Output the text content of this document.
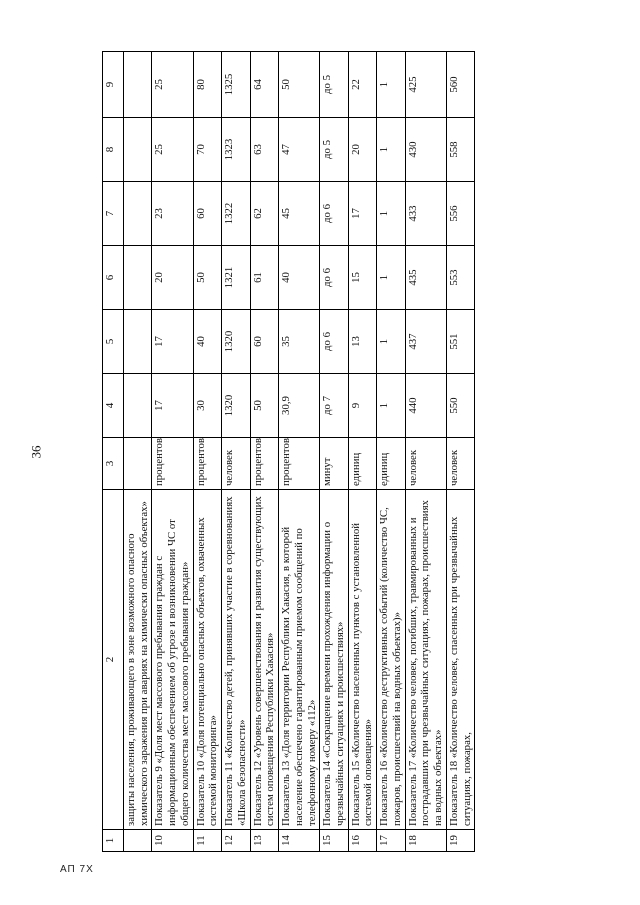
36
АП 7Х
1	2	3	4	5	6	7	8	9
	защиты населения, проживающего в зоне возможного опасного химического заражения при авариях на химически опасных объектах»							
10	Показатель 9 «Доля мест массового пребывания граждан с информационным обеспечением об угрозе и возникновении ЧС от общего количества мест массового пребывания граждан»	процентов	17	17	20	23	25	25
11	Показатель 10 «Доля потенциально опасных объектов, охваченных системой мониторинга»	процентов	30	40	50	60	70	80
12	Показатель 11 «Количество детей, принявших участие в соревнованиях «Школа безопасности»	человек	1320	1320	1321	1322	1323	1325
13	Показатель 12 «Уровень совершенствования и развития существующих систем оповещения Республики Хакасия»	процентов	50	60	61	62	63	64
14	Показатель 13 «Доля территории Республики Хакасия, в которой население обеспечено гарантированным приемом сообщений по телефонному номеру «112»	процентов	30,9	35	40	45	47	50
15	Показатель 14 «Сокращение времени прохождения информации о чрезвычайных ситуациях и происшествиях»	минут	до 7	до 6	до 6	до 6	до 5	до 5
16	Показатель 15 «Количество населенных пунктов с установленной системой оповещения»	единиц	9	13	15	17	20	22
17	Показатель 16 «Количество деструктивных событий (количество ЧС, пожаров, происшествий на водных объектах)»	единиц	1	1	1	1	1	1
18	Показатель 17 «Количество человек, погибших, травмированных и пострадавших при чрезвычайных ситуациях, пожарах, происшествиях на водных объектах»	человек	440	437	435	433	430	425
19	Показатель 18 «Количество человек, спасенных при чрезвычайных ситуациях, пожарах,	человек	550	551	553	556	558	560
